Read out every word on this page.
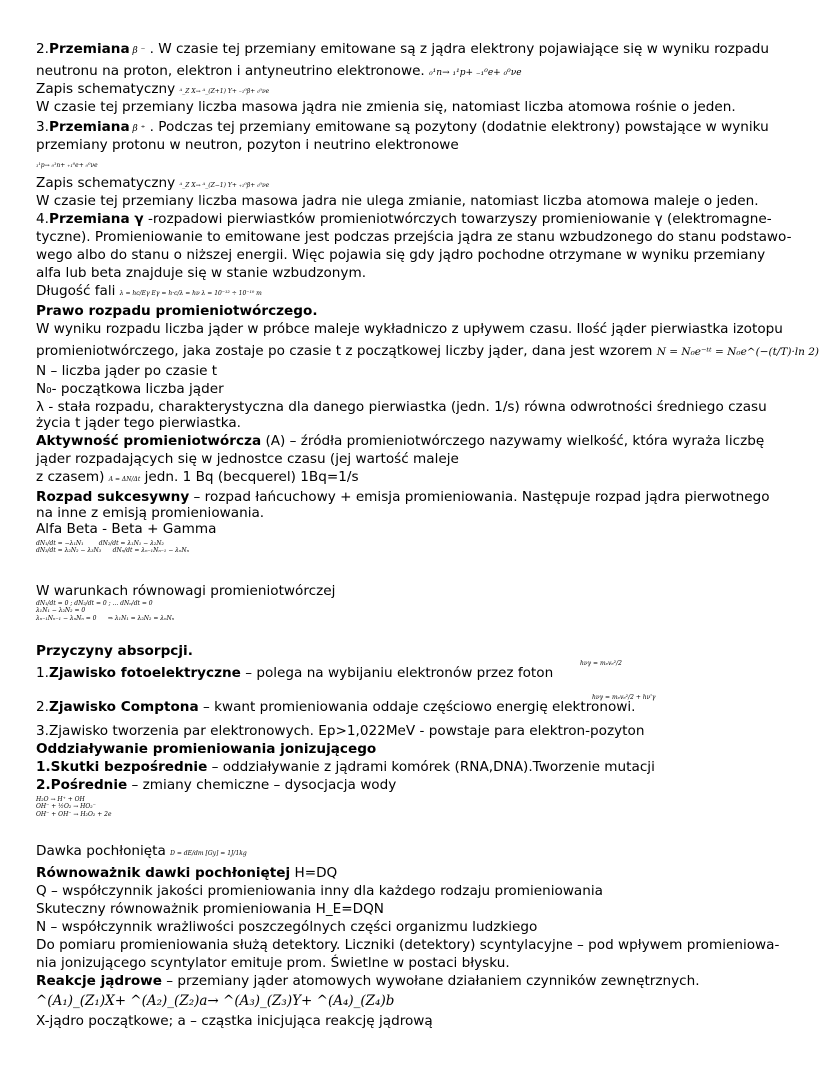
2.Przemiana β ⁻ . W czasie tej przemiany emitowane są z jądra elektrony pojawiające się w wyniku rozpadu
neutronu na proton, elektron i antyneutrino elektronowe. ₀¹n→ ₁¹p+ ₋₁⁰e+ ₀⁰νe
Zapis schematyczny ᴬ_Z X→ ᴬ_(Z+1) Y+ ₋₁⁰β+ ₀⁰νe
W czasie tej przemiany liczba masowa jądra nie zmienia się, natomiast liczba atomowa rośnie o jeden.
3.Przemiana β ⁺ . Podczas tej przemiany emitowane są pozytony (dodatnie elektrony) powstające w wyniku
przemiany protonu w neutron, pozyton i neutrino elektronowe
₁¹p→ ₀¹n+ ₊₁⁰e+ ₀⁰νe
Zapis schematyczny ᴬ_Z X→ ᴬ_(Z−1) Y+ ₊₁⁰β+ ₀⁰νe
W czasie tej przemiany liczba masowa jadra nie ulega zmianie, natomiast liczba atomowa maleje o jeden.
4.Przemiana γ -rozpadowi pierwiastków promieniotwórczych towarzyszy promieniowanie γ (elektromagne-
tyczne). Promieniowanie to emitowane jest podczas przejścia jądra ze stanu wzbudzonego do stanu podstawo-
wego albo do stanu o niższej energii. Więc pojawia się gdy jądro pochodne otrzymane w wyniku przemiany
alfa lub beta znajduje się w stanie wzbudzonym.
Długość fali λ = hc/Eγ Eγ = h·c/λ = hν λ = 10⁻¹² ÷ 10⁻¹⁰ m
Prawo rozpadu promieniotwórczego.
W wyniku rozpadu liczba jąder w próbce maleje wykładniczo z upływem czasu. Ilość jąder pierwiastka izotopu
promieniotwórczego, jaka zostaje po czasie t z początkowej liczby jąder, dana jest wzorem N = N₀e⁻ᵗᵗ = N₀e^(−(t/T)·ln 2)
N – liczba jąder po czasie t
N₀- początkowa liczba jąder
λ - stała rozpadu, charakterystyczna dla danego pierwiastka (jedn. 1/s) równa odwrotności średniego czasu
życia t jąder tego pierwiastka.
Aktywność promieniotwórcza (A) – źródła promieniotwórczego nazywamy wielkość, która wyraża liczbę
jąder rozpadających się w jednostce czasu (jej wartość maleje
z czasem) A = ΔN/Δt jedn. 1 Bq (becquerel) 1Bq=1/s
Rozpad sukcesywny – rozpad łańcuchowy + emisja promieniowania. Następuje rozpad jądra pierwotnego
na inne z emisją promieniowania.
Alfa Beta - Beta + Gamma
W warunkach równowagi promieniotwórczej
Przyczyny absorpcji.
1.Zjawisko fotoelektryczne – polega na wybijaniu elektronów przez foton
2.Zjawisko Comptona – kwant promieniowania oddaje częściowo energię elektronowi.
3.Zjawisko tworzenia par elektronowych. Ep>1,022MeV - powstaje para elektron-pozyton
Oddziaływanie promieniowania jonizującego
1.Skutki bezpośrednie – oddziaływanie z jądrami komórek (RNA,DNA).Tworzenie mutacji
2.Pośrednie – zmiany chemiczne – dysocjacja wody
Dawka pochłonięta D = dE/dm [Gy] = 1J/1kg
Równoważnik dawki pochłoniętej H=DQ
Q – współczynnik jakości promieniowania inny dla każdego rodzaju promieniowania
Skuteczny równoważnik promieniowania H_E=DQN
N – współczynnik wrażliwości poszczególnych części organizmu ludzkiego
Do pomiaru promieniowania służą detektory. Liczniki (detektory) scyntylacyjne – pod wpływem promieniowa-
nia jonizującego scyntylator emituje prom. Świetlne w postaci błysku.
Reakcje jądrowe – przemiany jąder atomowych wywołane działaniem czynników zewnętrznych.
^(A₁)_(Z₁)X+ ^(A₂)_(Z₂)a→ ^(A₃)_(Z₃)Y+ ^(A₄)_(Z₄)b
X-jądro początkowe; a – cząstka inicjująca reakcję jądrową
dN₁/dt = −λ₁N₁        dN₂/dt = λ₁N₁ − λ₂N₂
dN₃/dt = λ₂N₂ − λ₃N₃      dNₙ/dt = λₙ₋₁Nₙ₋₁ − λₙNₙ
dN₁/dt = 0 ; dN₂/dt = 0 ; ... dNₙ/dt = 0
λ₁N₁ − λ₂N₂ = 0
λₙ₋₁Nₙ₋₁ − λₙNₙ = 0      ⇒ λ₁N₁ = λ₂N₂ = λₙNₙ
H₂O → H⁺ + OH
OH⁻ + ½O₂ → HO₂⁻
OH⁻ + OH⁻ → H₂O₂ + 2e
hνγ = mₑvₑ²/2
hνγ = mₑvₑ²/2 + hν'γ
